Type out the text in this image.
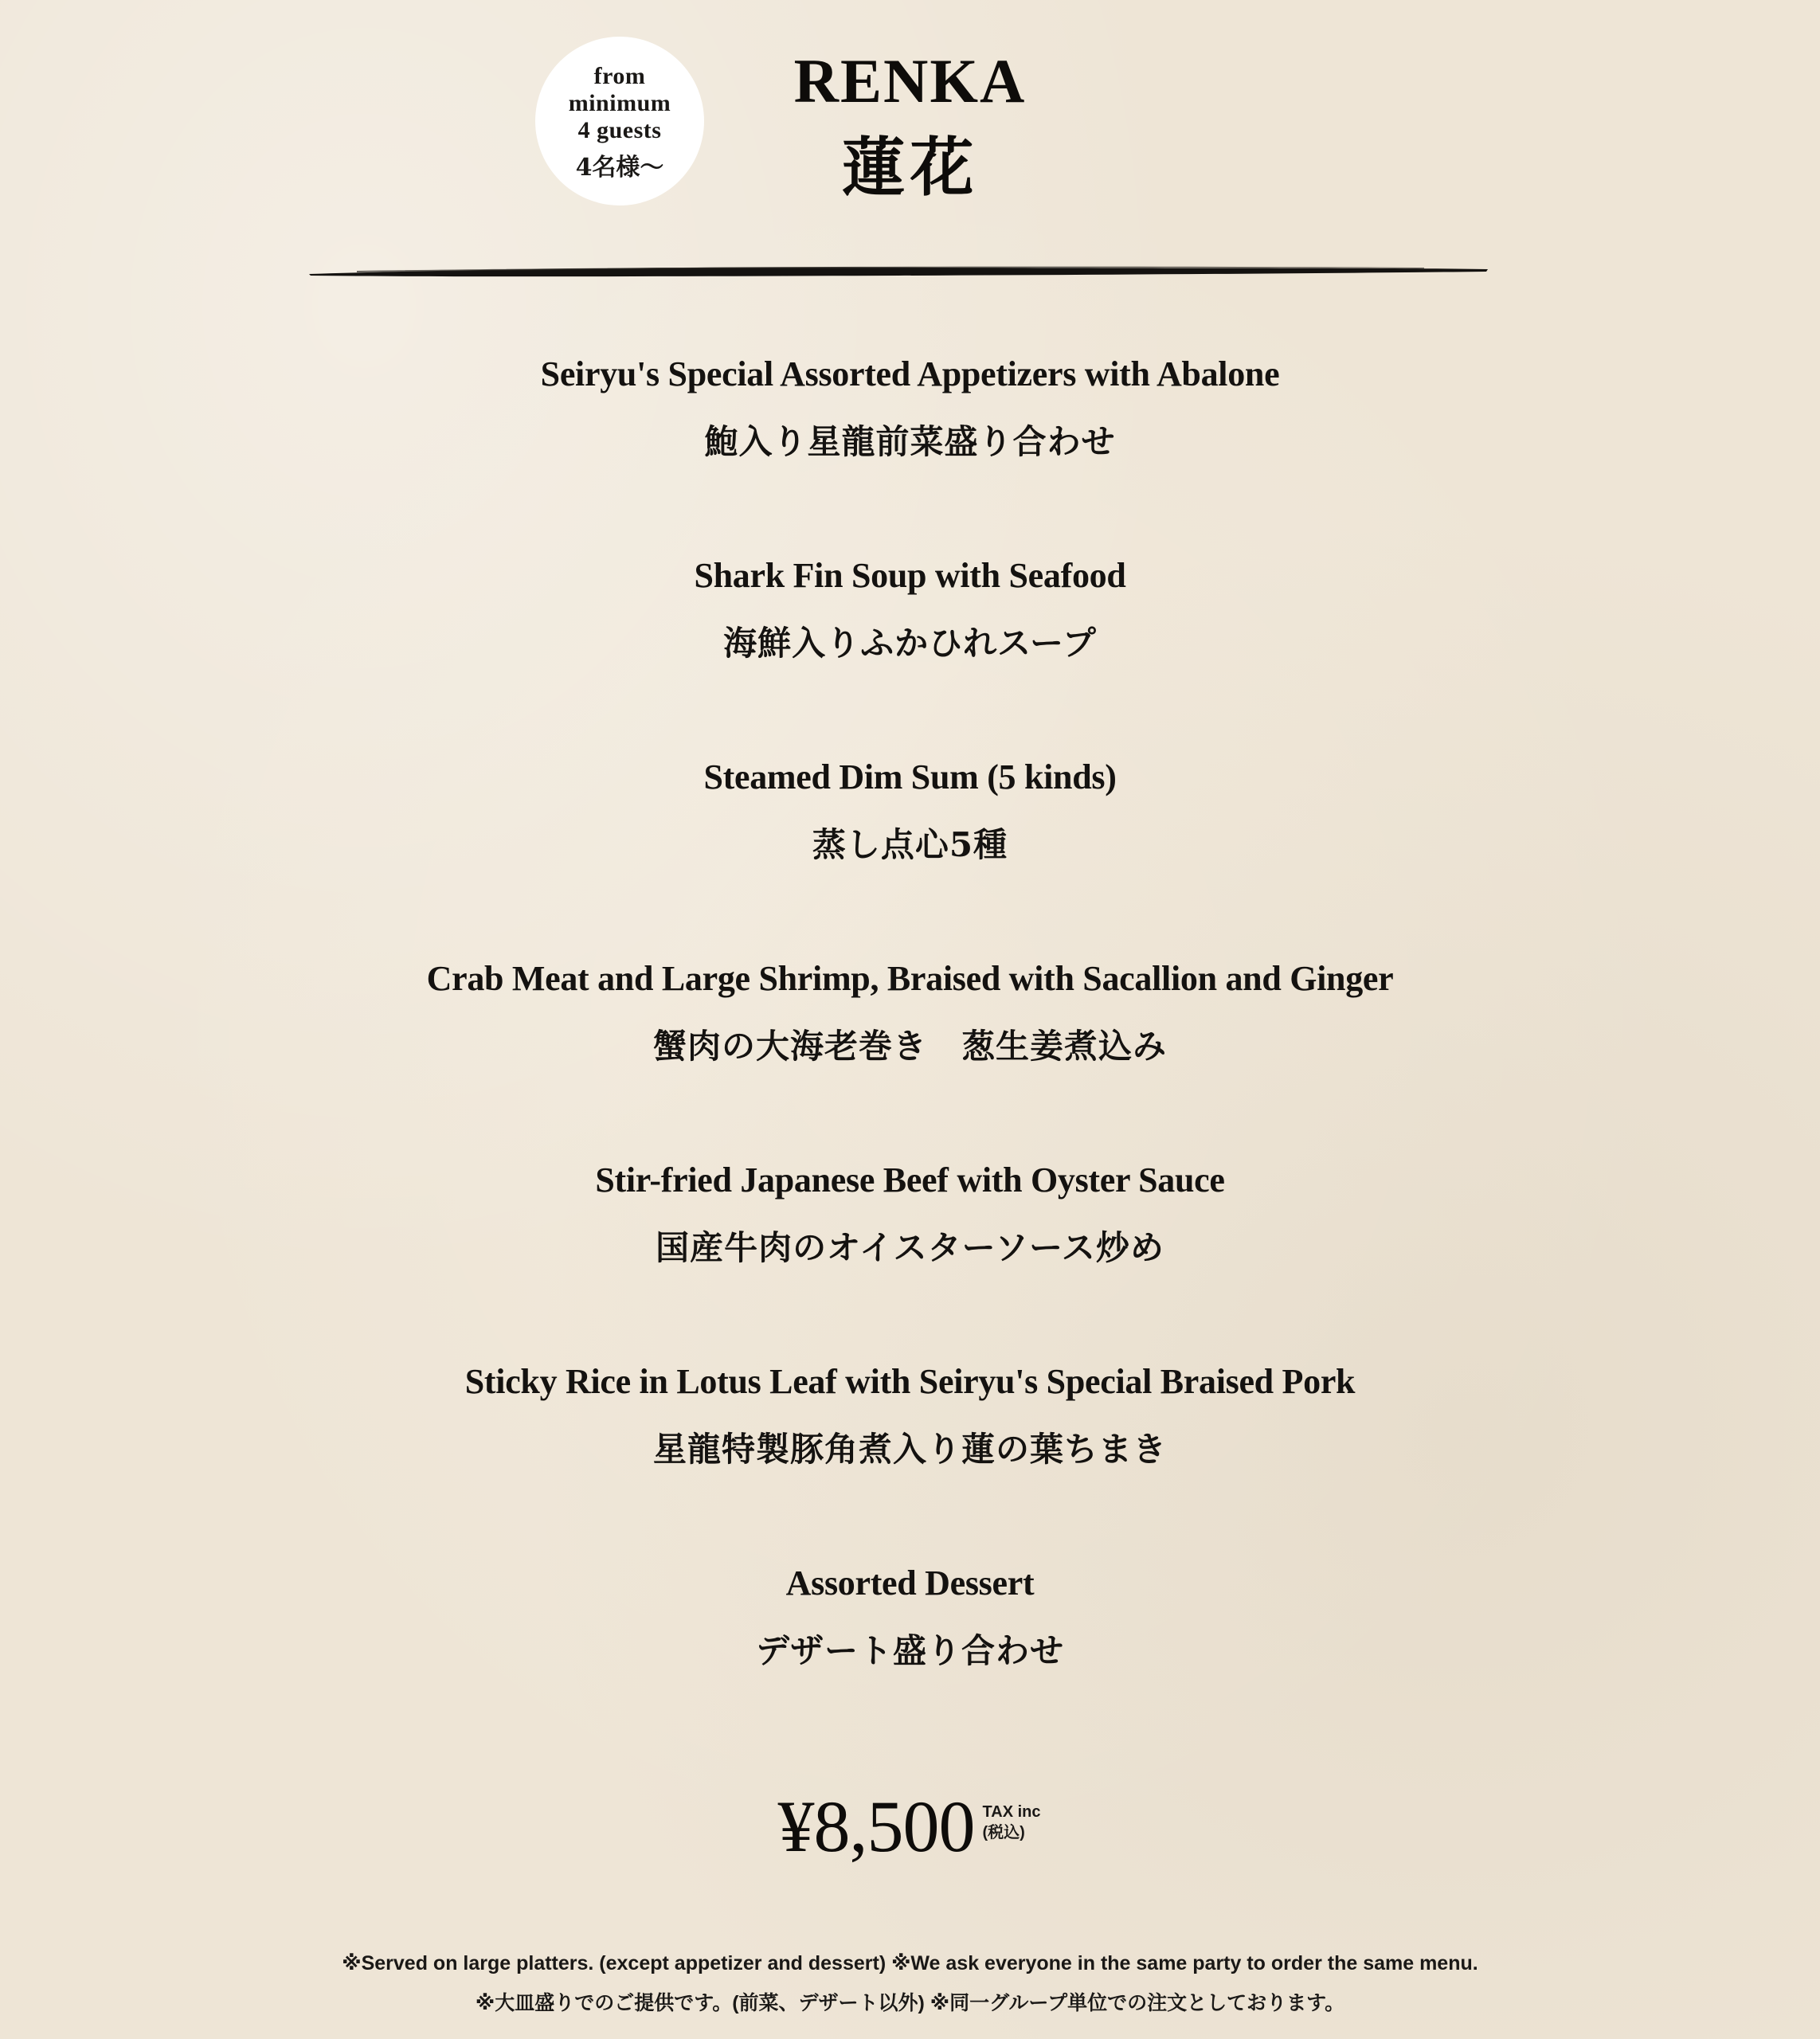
from
minimum
4 guests
4名様～
RENKA
蓮花
Seiryu's Special Assorted Appetizers with Abalone
鮑入り星龍前菜盛り合わせ
Shark Fin Soup with Seafood
海鮮入りふかひれスープ
Steamed Dim Sum (5 kinds)
蒸し点心5種
Crab Meat and Large Shrimp, Braised with Sacallion and Ginger
蟹肉の大海老巻き　葱生姜煮込み
Stir-fried Japanese Beef with Oyster Sauce
国産牛肉のオイスターソース炒め
Sticky Rice in Lotus Leaf with Seiryu's Special Braised Pork
星龍特製豚角煮入り蓮の葉ちまき
Assorted Dessert
デザート盛り合わせ
¥8,500 TAX inc
(税込)
※Served on large platters. (except appetizer and dessert) ※We ask everyone in the same party to order the same menu.
※大皿盛りでのご提供です。(前菜、デザート以外) ※同一グループ単位での注文としております。
